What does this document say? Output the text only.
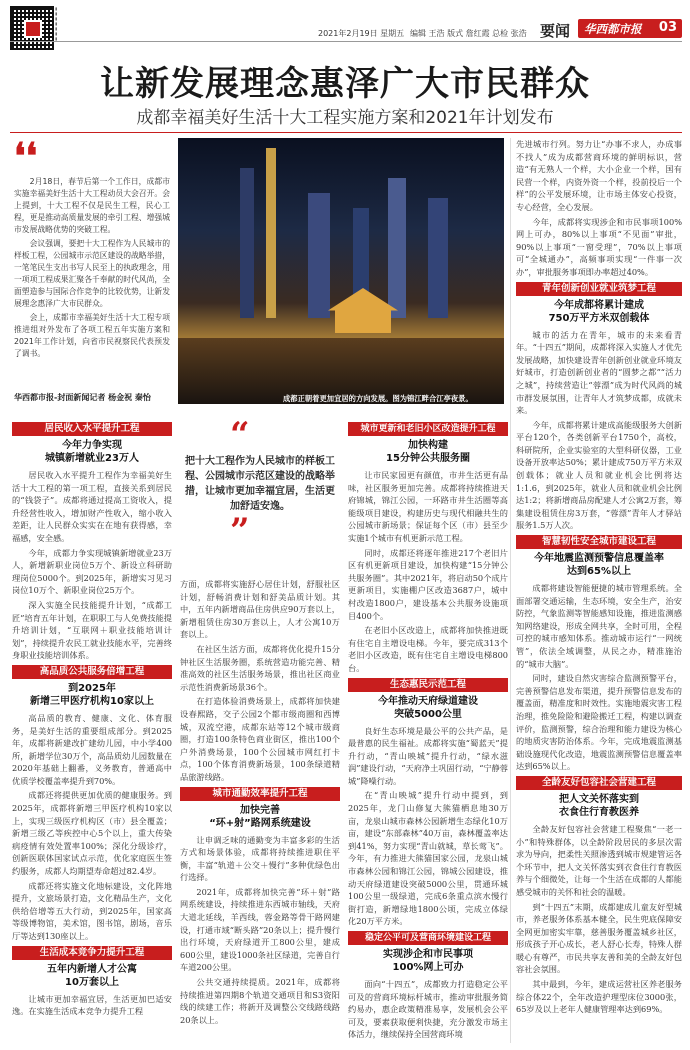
▮
▮
▮
▮
▮
▮
▮
2021年2月19日 星期五 编辑 王浩 版式 詹红霞 总检 张浩 要闻 华西都市报 03
让新发展理念惠泽广大市民群众
成都幸福美好生活十大工程实施方案和2021年计划发布
❛❛

2月18日，春节后第一个工作日，成都市实施幸福美好生活十大工程动员大会召开。会上提到，十大工程不仅是民生工程，民心工程，更是推动高质量发展的牵引工程、增强城市发展战略优势的突破工程。

会议强调，要把十大工程作为人民城市的样板工程，公园城市示范区建设的战略举措，一笔笔民生支出书写人民至上的执政理念，用一项项工程成果汇聚各千奉献的时代风尚，全面塑造参与国际合作竞争的比较优势，让新发展理念惠泽广大市民群众。

会上，成都市幸福美好生活十大工程专项推进组对外发布了各项工程五年实施方案和2021年工作计划，向省市民视察民代表预发了调书。

华西都市报-封面新闻记者 杨金祝 秦怡	成都正朝着更加宜居的方向发展。图为锦江畔合江亭夜景。
居民收入水平提升工程
今年力争实现
城镇新增就业23万人

居民收入水平提升工程作为幸福美好生活十大工程的第一项工程，直接关系到居民的“钱袋子”。成都将通过提高工资收入，提升经营性收入，增加财产性收入，缩小收入差距，让人民群众实实在在地有获得感，幸福感，安全感。

今年，成都力争实现城镇新增就业23万人，新增新职业岗位5万个、新设立科研助理岗位5000个。到2025年，新增实习见习岗位10万个、新职业岗位25万个。

深入实施全民技能提升计划，“成都工匠”培育五年计划，在职职工与人免费技能提升培训计划，“互联网＋职业技能培训计划”，持续提升农民工就业技能水平，完善终身职业技能培训体系。

高品质公共服务倍增工程
到2025年
新增三甲医疗机构10家以上

高品质的教育、健康、文化、体育服务，是美好生活的重要组成部分。到2025年，成都将新建改扩建幼儿园，中小学400所，新增学位30万个，高品质幼儿园数量在2020年基础上翻番，义务教育，普通高中优质学校覆盖率提升到70%。

成都还将提供更加优质的健康服务。到2025年，成都将新增三甲医疗机构10家以上，实现三级医疗机构区（市）县全覆盖；新增三级乙等疾控中心5个以上，重大传染病疫情有效处置率100%；深化分级诊疗，创新医联体国家试点示范，优化家庭医生签约服务，成都人均期望寿命超过82.4岁。

成都还将实施文化地标建设，文化阵地提升，文旅场景打造，文化精品生产，文化供给倍增等五大行动，到2025年，国家高等级博物馆，美术馆，图书馆，剧场，音乐厅等达到130座以上。

生活成本竞争力提升工程
五年内新增人才公寓
10万套以上

让城市更加幸福宜居，生活更加巴适安逸。在实施生活成本竞争力提升工程

“
把十大工程作为人民城市的样板工程、公园城市示范区建设的战略举措，让城市更加幸福宜居，生活更加舒适安逸。
”

方面，成都将实施舒心居住计划，舒服社区计划，舒畅消费计划和舒美品质计划。其中，五年内新增商品住房供应90万套以上，新增租赁住房30万套以上，人才公寓10万套以上。

在社区生活方面，成都将优化提升15分钟社区生活服务圈，系统营造功能完善、精准高效的社区生活服务场景，推出社区商业示范性消费新场景36个。

在打造体验消费场景上，成都将加快建设春熙路，交子公园2个都市级商圈和西博城，双流空港，成都东站等12个城市级商圈，打造100条特色商业街区，推出100个户外消费场景，100个公园城市网红打卡点，100个体育消费新场景，100条绿道精品旅游线路。

城市通勤效率提升工程
加快完善
“环+射”路网系统建设

让申调乏味的通勤变为丰富多彩的生活方式和场景体验，成都将持续推进职住平衡，丰富“轨道＋公交＋慢行”多种优绿色出行选择。

2021年，成都将加快完善“环＋射”路网系统建设，持续推进东西城市轴线，天府大道北延线，羊西线，蓉金路等骨干路网建设，打通市域“断头路”20条以上；提升慢行出行环境，天府绿道开工800公里，建成600公里，建设1000条社区绿道，完善自行车道200公里。

公共交通持续提质。2021年，成都将持续推进第四期8个轨道交通项目和S3资阳线的续建工作；将新开及调整公交线路线路20条以上。

城市更新和老旧小区改造提升工程
加快构建
15分钟公共服务圈

让市民家园更有颜值，市井生活更有品味，社区服务更加完善。成都将持续推进天府锦城，锦江公园，一环路市井生活圈等高能级项目建设，构建历史与现代相融共生的公园城市新场景；保证每个区（市）县至少实施1个城市有机更新示范工程。

同时，成都还将逐年推进217个老旧片区有机更新项目建设，加快构建“15分钟公共服务圈”。其中2021年，将启动50个成片更新项目，实施棚户区改造3687户，城中村改造1800户，建设基本公共服务设施项目400个。

在老旧小区改造上，成都将加快推进既有住宅自主增设电梯。今年，要完成313个老旧小区改造，既有住宅自主增设电梯800台。

生态惠民示范工程
今年推动天府绿道建设
突破5000公里

良好生态环境是最公平的公共产品，是最普惠的民生福祉。成都将实施“蜀蓝天”提升行动，“青山映城”提升行动，“绿水滋润”建设行动，“天府净土巩固行动，“宁静蓉城”降噪行动。

在“青山映城”提升行动中提到，到2025年，龙门山修复大熊猫栖息地30万亩，龙泉山城市森林公园新增生态绿化10万亩，建设“东部森林”40万亩，森林覆盖率达到41%，努力实现“青山就城，草长莺飞”。今年，有力推进大熊猫国家公园，龙泉山城市森林公园和锦江公园，锦城公园建设，推动天府绿道建设突破5000公里，贯通环城100公里一级绿道，完成6条重点滨水慢行街打造，新增绿地1800公顷，完成立体绿化20万平方米。

稳定公平可及营商环境建设工程
实现涉企和市民事项
100%网上可办

面向“十四五”，成都致力打造稳定公平可及的营商环境标杆城市，推动审批服务简约易办，惠企政策精准易享，发展机会公平可及，要素获取便利快捷，充分激发市场主体活力，继续保持全国营商环境

先进城市行列。努力让“办事不求人，办成事不找人”成为成都营商环境的鲜明标识，营造“有无熟人一个样，大小企业一个样，国有民营一个样，内资外资一个样，投前投后一个样”的公平发展环境，让市场主体安心投资，专心经营，全心发展。

今年，成都将实现涉企和市民事项100%网上可办，80%以上事项“不见面”审批，90%以上事项“一窗受理”，70%以上事项可“全城通办”，高频事项实现“一件事一次办”，审批服务事项即办率超过40%。

青年创新创业就业筑梦工程
今年成都将累计建成
750万平方米双创载体

城市的活力在青年，城市的未来看青年。“十四五”期间，成都将深入实施人才优先发展战略，加快建设青年创新创业就业环境友好城市，打造创新创业者的“圆梦之都”“活力之城”，持续营造让“蓉漂”成为时代风尚的城市群发展氛围，让青年人才筑梦成都，成就未来。

今年，成都将累计建成高能级服务大创新平台120个，各类创新平台1750个，高校，科研院所，企业实验室的大型科研仪器，工业设备开放率达50%；累计建成750万平方米双创载体；就业人员和就业机会比例将达1:1.6，到2025年，就业人员和就业机会比例达1:2；将新增商品房配建人才公寓2万套，筹集建设租赁住房3万套，“蓉漂”青年人才驿站服务1.5万人次。

智慧韧性安全城市建设工程
今年地震监测预警信息覆盖率
达到65%以上

成都将建设智能便捷的城市管理系统。全面部署交通运输，生态环境，安全生产，治安防控，气象监测等智能感知设施，推进监测感知网络建设，形成全网共享，全时可用，全程可控的城市感知体系。推动城市运行“一网统管”，依法全域调整，从民之办，精准施治的“城市大脑”。

同时，建设自然灾害综合监测预警平台，完善预警信息发布渠道，提升预警信息发布的覆盖面，精准度和时效性。实施地震灾害工程治理，推免险险和避险搬迁工程，构建以调查评价，监测预警，综合治理和能力建设为核心的地质灾害防治体系。今年，完成地震监测基础设施现代化改造，地震监测预警信息覆盖率达到65%以上。

全龄友好包容社会营建工程
把人文关怀落实到
衣食住行育教医养

全龄友好包容社会营建工程聚焦“一老一小”和特殊群体，以全龄阶段居民的多层次需求为导向，把柔性关照渗透到城市规建管运各个环节中，把人文关怀落实到衣食住行育教医养与个细微处，让每一个生活在成都的人都能感受城市的关怀和社会的温暖。

到“十四五”末期，成都建成儿童友好型城市，养老服务体系基本健全，民生兜底保障安全网更加密实牢靠，慈善服务覆盖城乡社区，形成孩子开心成长，老人舒心长寿，特殊人群暖心有尊严，市民共享友善和美的全龄友好包容社会氛围。

其中最到，今年，建成运营社区养老服务综合体22个，全年改造护理型床位3000张，65岁及以上老年人健康管理率达到69%。
